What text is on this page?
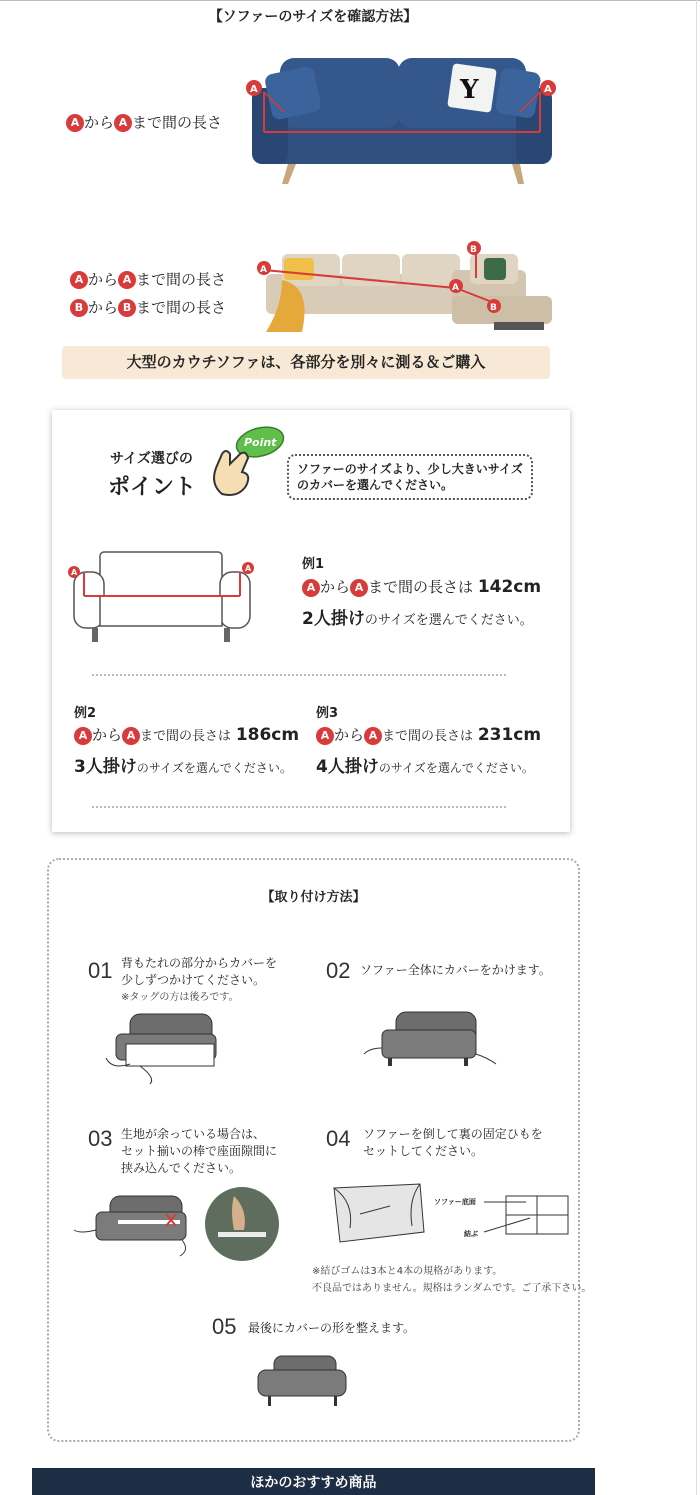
【ソファーのサイズを確認方法】
A から A まで間の長さ
Y
A	A
A から A まで間の長さ
B から B まで間の長さ
A
A
B
B
大型のカウチソファは、各部分を別々に測る＆ご購入
サイズ選びの
ポイント
Point
ソファーのサイズより、少し大きいサイズのカバーを選んでください。
A	A	例1
A から A まで間の長さは 142cm
2人掛けのサイズを選んでください。
例2
A から A まで間の長さは 186cm
3人掛けのサイズを選んでください。
例3
A から A まで間の長さは 231cm
4人掛けのサイズを選んでください。
【取り付け方法】
01 背もたれの部分からカバーを
少しずつかけてください。
※タッグの方は後ろです。
02 ソファー全体にカバーをかけます。
03 生地が余っている場合は、
セット揃いの棒で座面隙間に
挟み込んでください。
04 ソファーを倒して裏の固定ひもを
セットしてください。
ソファー底面
結ぶ
※結びゴムは3本と4本の規格があります。
不良品ではありません。規格はランダムです。ご了承下さい。
05 最後にカバーの形を整えます。
ほかのおすすめ商品
